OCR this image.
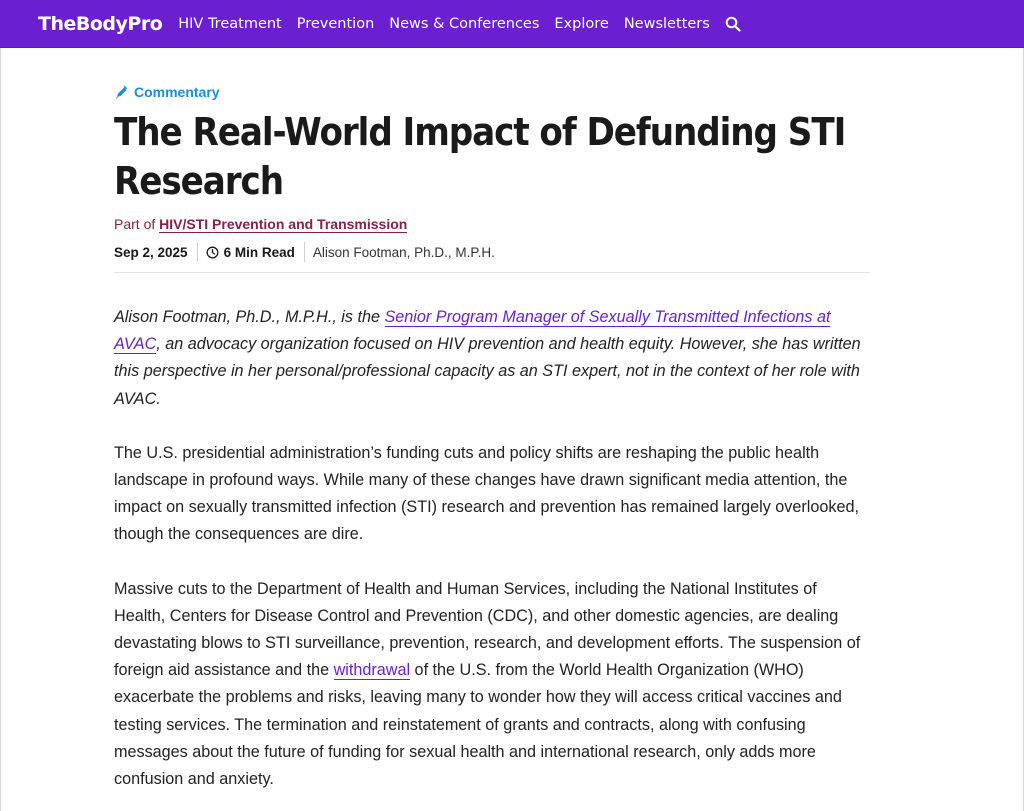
TheBodyPro HIV Treatment Prevention News & Conferences Explore Newsletters
Commentary
The Real-World Impact of Defunding STI Research
Part of HIV/STI Prevention and Transmission
Sep 2, 2025	6 Min Read Alison Footman, Ph.D., M.P.H.

Alison Footman, Ph.D., M.P.H., is the Senior Program Manager of Sexually Transmitted Infections at AVAC, an advocacy organization focused on HIV prevention and health equity. However, she has written this perspective in her personal/professional capacity as an STI expert, not in the context of her role with AVAC.

The U.S. presidential administration’s funding cuts and policy shifts are reshaping the public health landscape in profound ways. While many of these changes have drawn significant media attention, the impact on sexually transmitted infection (STI) research and prevention has remained largely overlooked, though the consequences are dire.

Massive cuts to the Department of Health and Human Services, including the National Institutes of Health, Centers for Disease Control and Prevention (CDC), and other domestic agencies, are dealing devastating blows to STI surveillance, prevention, research, and development efforts. The suspension of foreign aid assistance and the withdrawal of the U.S. from the World Health Organization (WHO) exacerbate the problems and risks, leaving many to wonder how they will access critical vaccines and testing services. The termination and reinstatement of grants and contracts, along with confusing messages about the future of funding for sexual health and international research, only adds more confusion and anxiety.
